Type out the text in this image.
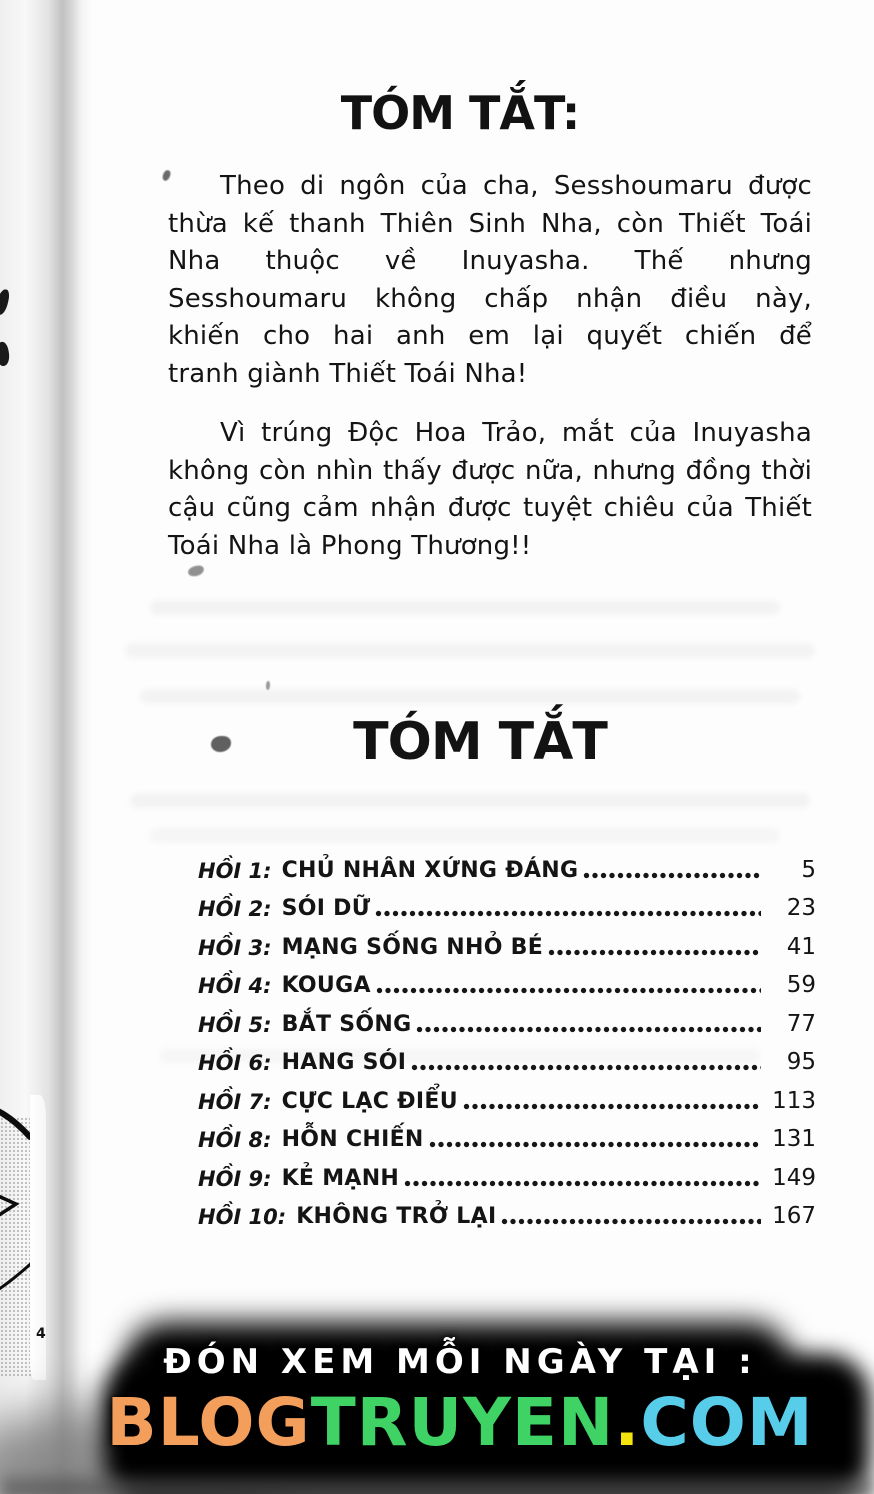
4
TÓM TẮT:
Theo di ngôn của cha, Sesshoumaru được
thừa kế thanh Thiên Sinh Nha, còn Thiết Toái
Nha thuộc về Inuyasha. Thế nhưng
Sesshoumaru không chấp nhận điều này,
khiến cho hai anh em lại quyết chiến để
tranh giành Thiết Toái Nha!
Vì trúng Độc Hoa Trảo, mắt của Inuyasha
không còn nhìn thấy được nữa, nhưng đồng thời
cậu cũng cảm nhận được tuyệt chiêu của Thiết
Toái Nha là Phong Thương!!
TÓM TẮT
HỒI 1: CHỦ NHÂN XỨNG ĐÁNG	5
HỒI 2: SÓI DỮ	23
HỒI 3: MẠNG SỐNG NHỎ BÉ	41
HỒI 4: KOUGA	59
HỒI 5: BẮT SỐNG	77
HỒI 6: HANG SÓI	95
HỒI 7: CỰC LẠC ĐIỂU	113
HỒI 8: HỖN CHIẾN	131
HỒI 9: KẺ MẠNH	149
HỒI 10: KHÔNG TRỞ LẠI	167
ĐÓN XEM MỖI NGÀY TẠI :
BLOGTRUYEN.COM
